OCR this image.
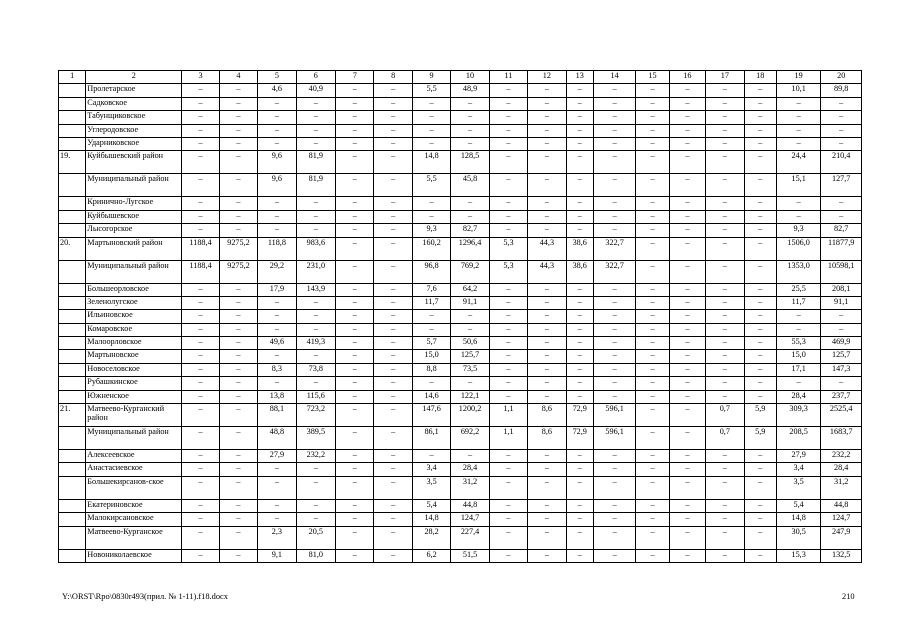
1	2	3	4	5	6	7	8	9	10	11	12	13	14	15	16	17	18	19	20
	Пролетарское	–	–	4,6	40,9	–	–	5,5	48,9	–	–	–	–	–	–	–	–	10,1	89,8
	Садковское	–	–	–	–	–	–	–	–	–	–	–	–	–	–	–	–	–	–
	Табунщиковское	–	–	–	–	–	–	–	–	–	–	–	–	–	–	–	–	–	–
	Углеродовское	–	–	–	–	–	–	–	–	–	–	–	–	–	–	–	–	–	–
	Ударниковское	–	–	–	–	–	–	–	–	–	–	–	–	–	–	–	–	–	–
19.	Куйбышевский район	–	–	9,6	81,9	–	–	14,8	128,5	–	–	–	–	–	–	–	–	24,4	210,4
	Муниципальный район	–	–	9,6	81,9	–	–	5,5	45,8	–	–	–	–	–	–	–	–	15,1	127,7
	Кринично-Лугское	–	–	–	–	–	–	–	–	–	–	–	–	–	–	–	–	–	–
	Куйбышевское	–	–	–	–	–	–	–	–	–	–	–	–	–	–	–	–	–	–
	Лысогорское	–	–	–	–	–	–	9,3	82,7	–	–	–	–	–	–	–	–	9,3	82,7
20.	Мартыновский район	1188,4	9275,2	118,8	983,6	–	–	160,2	1296,4	5,3	44,3	38,6	322,7	–	–	–	–	1506,0	11877,9
	Муниципальный район	1188,4	9275,2	29,2	231,0	–	–	96,8	769,2	5,3	44,3	38,6	322,7	–	–	–	–	1353,0	10598,1
	Большеорловское	–	–	17,9	143,9	–	–	7,6	64,2	–	–	–	–	–	–	–	–	25,5	208,1
	Зеленолугское	–	–	–	–	–	–	11,7	91,1	–	–	–	–	–	–	–	–	11,7	91,1
	Ильиновское	–	–	–	–	–	–	–	–	–	–	–	–	–	–	–	–	–	–
	Комаровское	–	–	–	–	–	–	–	–	–	–	–	–	–	–	–	–	–	–
	Малоорловское	–	–	49,6	419,3	–	–	5,7	50,6	–	–	–	–	–	–	–	–	55,3	469,9
	Мартыновское	–	–	–	–	–	–	15,0	125,7	–	–	–	–	–	–	–	–	15,0	125,7
	Новоселовское	–	–	8,3	73,8	–	–	8,8	73,5	–	–	–	–	–	–	–	–	17,1	147,3
	Рубашкинское	–	–	–	–	–	–	–	–	–	–	–	–	–	–	–	–	–	–
	Южненское	–	–	13,8	115,6	–	–	14,6	122,1	–	–	–	–	–	–	–	–	28,4	237,7
21.	Матвеево-Курганский район	–	–	88,1	723,2	–	–	147,6	1200,2	1,1	8,6	72,9	596,1	–	–	0,7	5,9	309,3	2525,4
	Муниципальный район	–	–	48,8	389,5	–	–	86,1	692,2	1,1	8,6	72,9	596,1	–	–	0,7	5,9	208,5	1683,7
	Алексеевское	–	–	27,9	232,2	–	–	–	–	–	–	–	–	–	–	–	–	27,9	232,2
	Анастасиевское	–	–	–	–	–	–	3,4	28,4	–	–	–	–	–	–	–	–	3,4	28,4
	Большекирсанов-ское	–	–	–	–	–	–	3,5	31,2	–	–	–	–	–	–	–	–	3,5	31,2
	Екатериновское	–	–	–	–	–	–	5,4	44,8	–	–	–	–	–	–	–	–	5,4	44,8
	Малокирсановское	–	–	–	–	–	–	14,8	124,7	–	–	–	–	–	–	–	–	14,8	124,7
	Матвеево-Курганское	–	–	2,3	20,5	–	–	28,2	227,4	–	–	–	–	–	–	–	–	30,5	247,9
	Новониколаевское	–	–	9,1	81,0	–	–	6,2	51,5	–	–	–	–	–	–	–	–	15,3	132,5
Y:\ORST\Rpo\0830r493(прил. № 1-11).f18.docx	210
